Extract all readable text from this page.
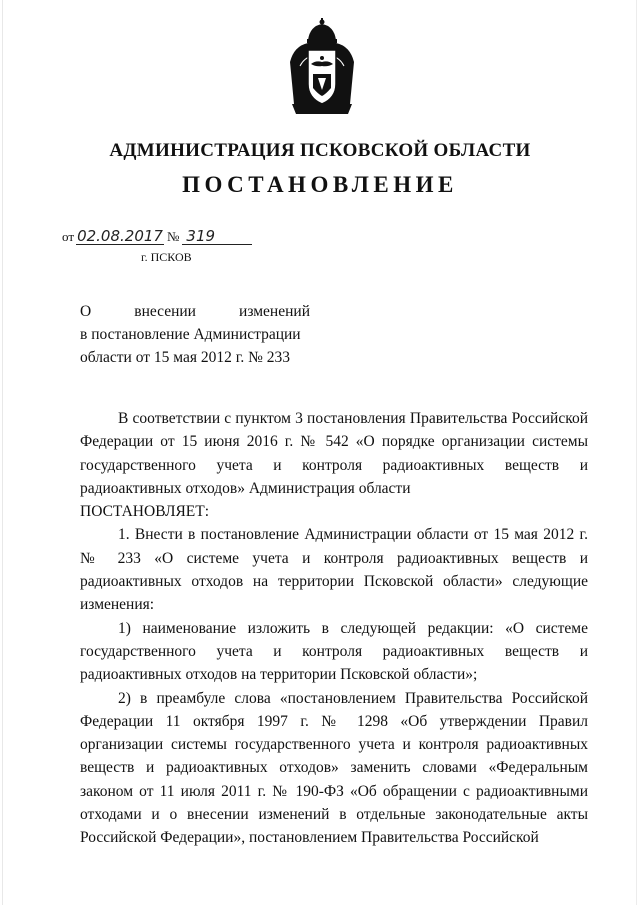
АДМИНИСТРАЦИЯ ПСКОВСКОЙ ОБЛАСТИ
ПОСТАНОВЛЕНИЕ
от 02.08.2017 № 319
г. ПСКОВ
О	внесении	изменений
в постановление Администрации
области от 15 мая 2012 г. № 233

В соответствии с пунктом 3 постановления Правительства Российской Федерации от 15 июня 2016 г. № 542 «О порядке организации системы государственного учета и контроля радиоактивных веществ и радиоактивных отходов» Администрация области

ПОСТАНОВЛЯЕТ:

1. Внести в постановление Администрации области от 15 мая 2012 г. № 233 «О системе учета и контроля радиоактивных веществ и радиоактивных отходов на территории Псковской области» следующие изменения:

1) наименование изложить в следующей редакции: «О системе государственного учета и контроля радиоактивных веществ и радиоактивных отходов на территории Псковской области»;

2) в преамбуле слова «постановлением Правительства Российской Федерации 11 октября 1997 г. № 1298 «Об утверждении Правил организации системы государственного учета и контроля радиоактивных веществ и радиоактивных отходов» заменить словами «Федеральным законом от 11 июля 2011 г. № 190-ФЗ «Об обращении с радиоактивными отходами и о внесении изменений в отдельные законодательные акты Российской Федерации», постановлением Правительства Российской
